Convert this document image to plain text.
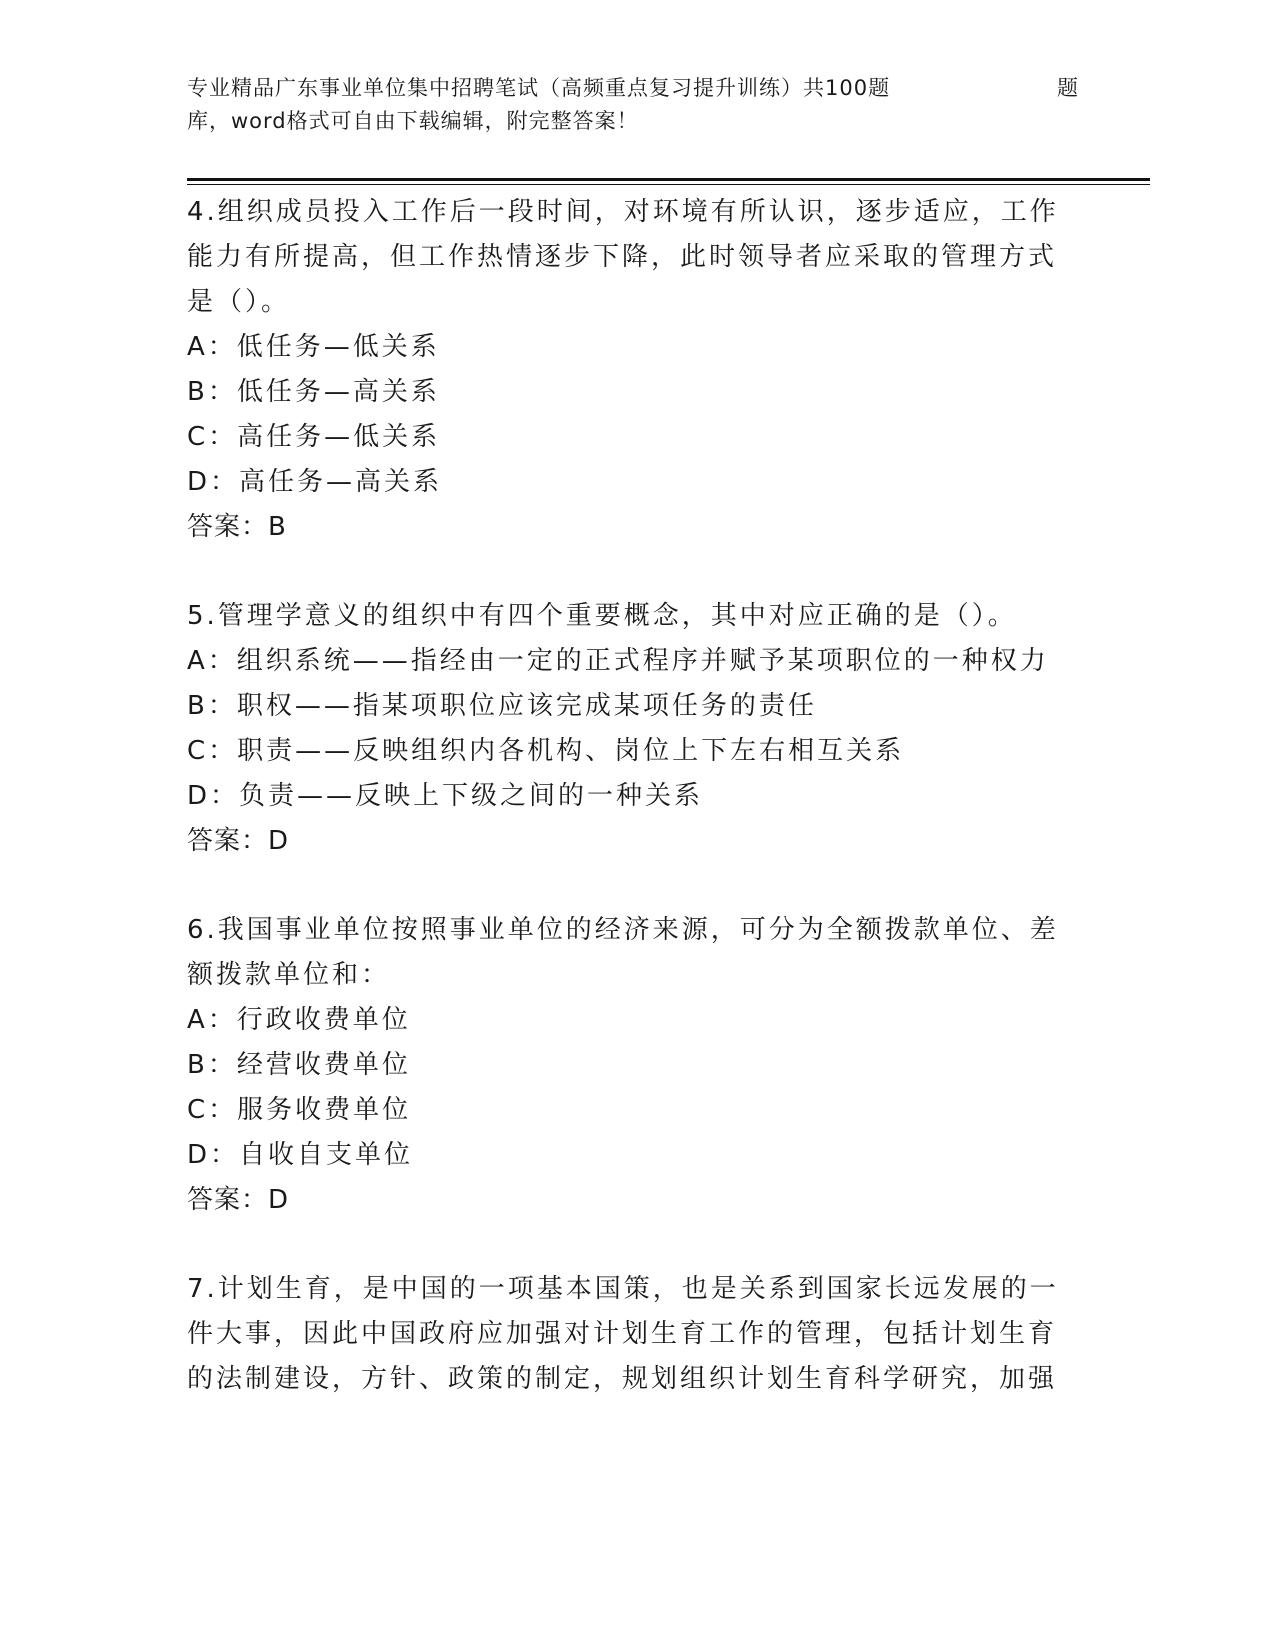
专业精品广东事业单位集中招聘笔试（高频重点复习提升训练）共100题	题
库，word格式可自由下载编辑，附完整答案！

4.组织成员投入工作后一段时间，对环境有所认识，逐步适应，工作能力有所提高，但工作热情逐步下降，此时领导者应采取的管理方式是（）。

A：低任务—低关系

B：低任务—高关系

C：高任务—低关系

D：高任务—高关系

答案：B

5.管理学意义的组织中有四个重要概念，其中对应正确的是（）。

A：组织系统——指经由一定的正式程序并赋予某项职位的一种权力

B：职权——指某项职位应该完成某项任务的责任

C：职责——反映组织内各机构、岗位上下左右相互关系

D：负责——反映上下级之间的一种关系

答案：D

6.我国事业单位按照事业单位的经济来源，可分为全额拨款单位、差额拨款单位和：

A：行政收费单位

B：经营收费单位

C：服务收费单位

D：自收自支单位

答案：D

7.计划生育，是中国的一项基本国策，也是关系到国家长远发展的一件大事，因此中国政府应加强对计划生育工作的管理，包括计划生育的法制建设，方针、政策的制定，规划组织计划生育科学研究，加强
